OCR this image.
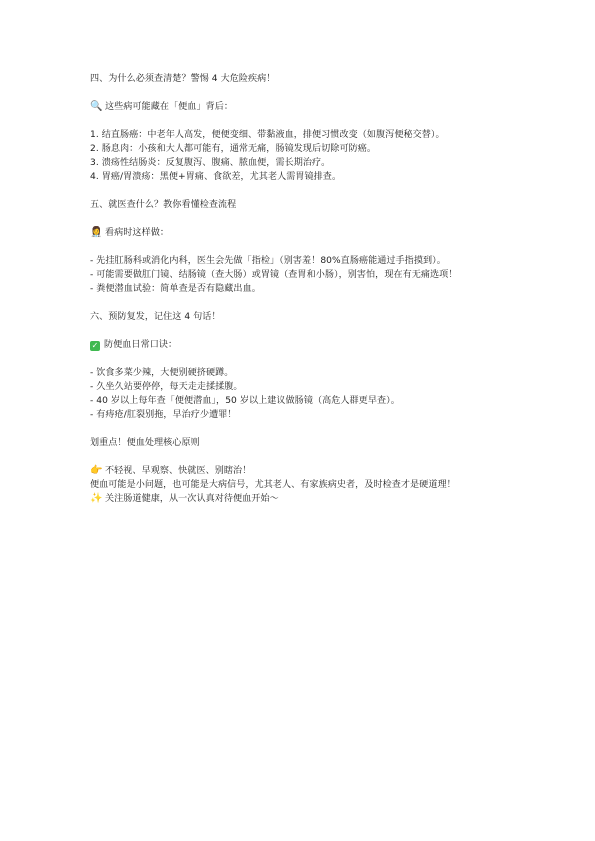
四、为什么必须查清楚？警惕 4 大危险疾病！
🔍 这些病可能藏在「便血」背后：
1. 结直肠癌：中老年人高发，便便变细、带黏液血，排便习惯改变（如腹泻便秘交替）。
2. 肠息肉：小孩和大人都可能有，通常无痛，肠镜发现后切除可防癌。
3. 溃疡性结肠炎：反复腹泻、腹痛、脓血便，需长期治疗。
4. 胃癌/胃溃疡：黑便+胃痛、食欲差，尤其老人需胃镜排查。
五、就医查什么？教你看懂检查流程
👩‍⚕️ 看病时这样做：
- 先挂肛肠科或消化内科，医生会先做「指检」（别害羞！80%直肠癌能通过手指摸到）。
- 可能需要做肛门镜、结肠镜（查大肠）或胃镜（查胃和小肠），别害怕，现在有无痛选项！
- 粪便潜血试验：简单查是否有隐藏出血。
六、预防复发，记住这 4 句话！
✓ 防便血日常口诀：
- 饮食多菜少辣，大便别硬挤硬蹲。
- 久坐久站要停停，每天走走揉揉腹。
- 40 岁以上每年查「便便潜血」，50 岁以上建议做肠镜（高危人群更早查）。
- 有痔疮/肛裂别拖，早治疗少遭罪！
划重点！便血处理核心原则
👉 不轻视、早观察、快就医、别瞎治！
便血可能是小问题，也可能是大病信号，尤其老人、有家族病史者，及时检查才是硬道理！
✨ 关注肠道健康，从一次认真对待便血开始～
